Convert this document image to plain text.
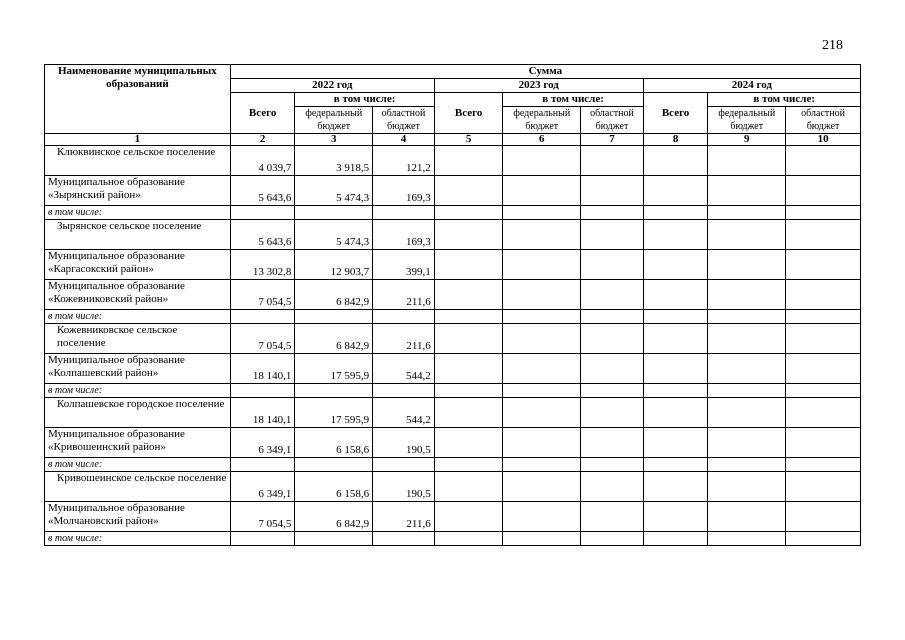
218
Наименование муниципальных образований	Сумма								
	2022 год			2023 год			2024 год		
	Всего	в том числе:		Всего	в том числе:		Всего	в том числе:	
		федеральный бюджет	областной бюджет		федеральный бюджет	областной бюджет		федеральный бюджет	областной бюджет
1	2	3	4	5	6	7	8	9	10
Клюквинское сельское поселение	4 039,7	3 918,5	121,2						
Муниципальное образование «Зырянский район»	5 643,6	5 474,3	169,3						
в том числе:									
Зырянское сельское поселение	5 643,6	5 474,3	169,3						
Муниципальное образование «Каргасокский район»	13 302,8	12 903,7	399,1						
Муниципальное образование «Кожевниковский район»	7 054,5	6 842,9	211,6						
в том числе:									
Кожевниковское сельское поселение	7 054,5	6 842,9	211,6						
Муниципальное образование «Колпашевский район»	18 140,1	17 595,9	544,2						
в том числе:									
Колпашевское городское поселение	18 140,1	17 595,9	544,2						
Муниципальное образование «Кривошеинский район»	6 349,1	6 158,6	190,5						
в том числе:									
Кривошеинское сельское поселение	6 349,1	6 158,6	190,5						
Муниципальное образование «Молчановский район»	7 054,5	6 842,9	211,6						
в том числе:									
